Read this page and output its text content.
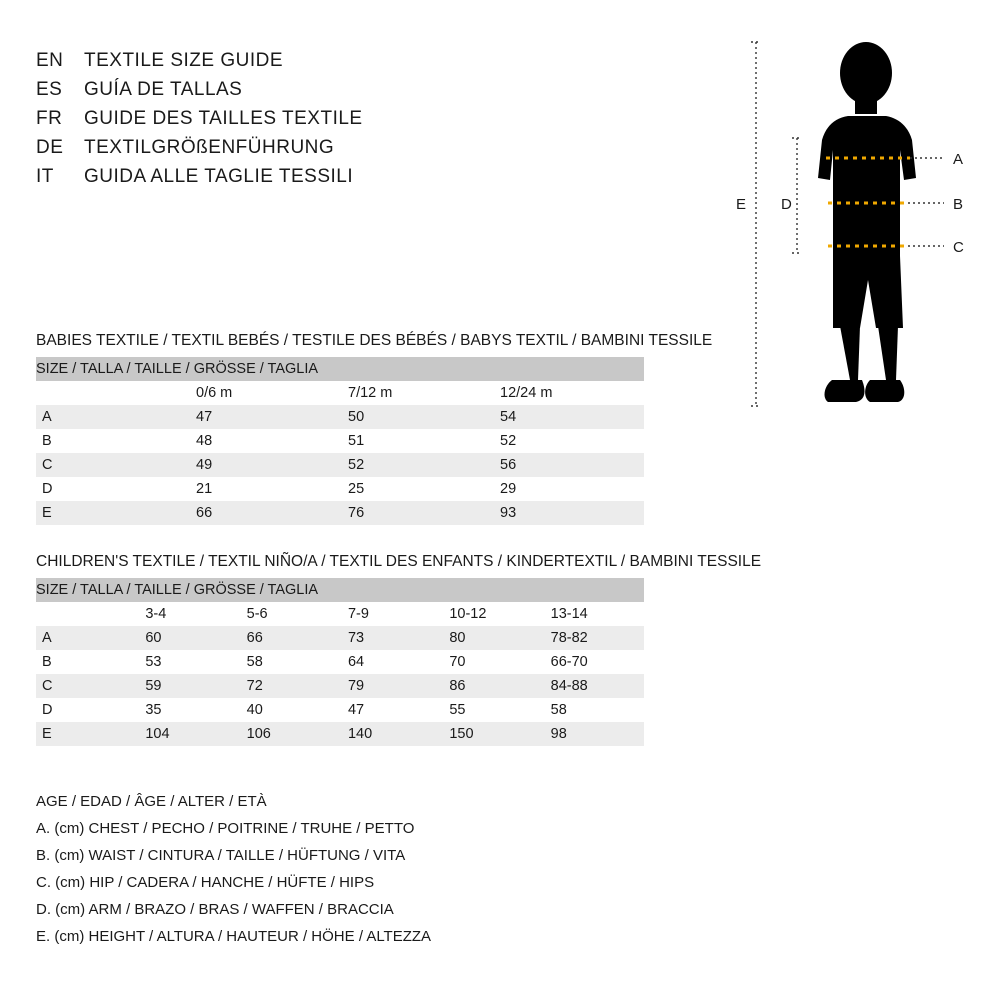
EN	TEXTILE SIZE GUIDE
ES	GUÍA DE TALLAS
FR	GUIDE DES TAILLES TEXTILE
DE	TEXTILGRÖßENFÜHRUNG
IT	GUIDA ALLE TAGLIE TESSILI
BABIES TEXTILE / TEXTIL BEBÉS / TESTILE DES BÉBÉS / BABYS TEXTIL / BAMBINI TESSILE
SIZE / TALLA / TAILLE / GRÖSSE / TAGLIA			
	0/6 m	7/12 m	12/24 m
A	47	50	54
B	48	51	52
C	49	52	56
D	21	25	29
E	66	76	93
CHILDREN'S TEXTILE / TEXTIL NIÑO/A / TEXTIL DES ENFANTS / KINDERTEXTIL / BAMBINI TESSILE
SIZE / TALLA / TAILLE / GRÖSSE / TAGLIA					
	3-4	5-6	7-9	10-12	13-14
A	60	66	73	80	78-82
B	53	58	64	70	66-70
C	59	72	79	86	84-88
D	35	40	47	55	58
E	104	106	140	150	98
AGE / EDAD / ÂGE / ALTER / ETÀ
A. (cm) CHEST / PECHO / POITRINE / TRUHE / PETTO
B. (cm) WAIST / CINTURA / TAILLE / HÜFTUNG / VITA
C. (cm) HIP / CADERA / HANCHE / HÜFTE / HIPS
D. (cm) ARM / BRAZO / BRAS / WAFFEN / BRACCIA
E. (cm) HEIGHT / ALTURA / HAUTEUR / HÖHE / ALTEZZA
A
B
C
D
E
